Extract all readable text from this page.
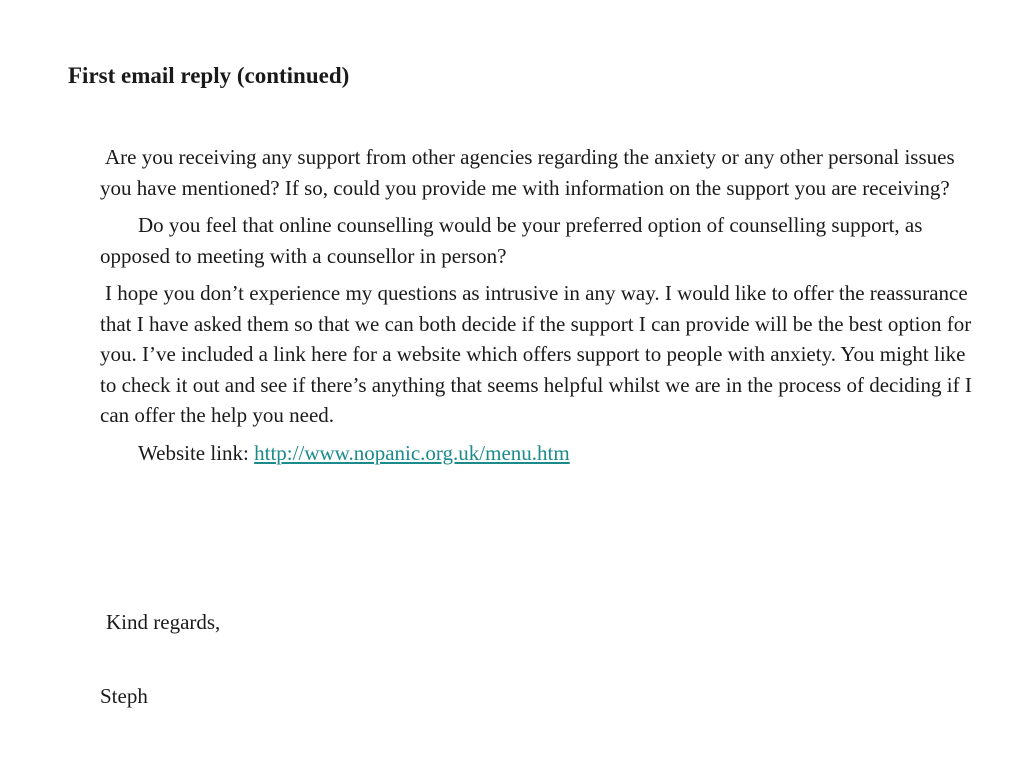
First email reply (continued)

Are you receiving any support from other agencies regarding the anxiety or any other personal issues you have mentioned? If so, could you provide me with information on the support you are receiving?

Do you feel that online counselling would be your preferred option of counselling support, as opposed to meeting with a counsellor in person?

I hope you don’t experience my questions as intrusive in any way. I would like to offer the reassurance that I have asked them so that we can both decide if the support I can provide will be the best option for you. I’ve included a link here for a website which offers support to people with anxiety. You might like to check it out and see if there’s anything that seems helpful whilst we are in the process of deciding if I can offer the help you need.

Website link: http://www.nopanic.org.uk/menu.htm

Kind regards,
Steph
